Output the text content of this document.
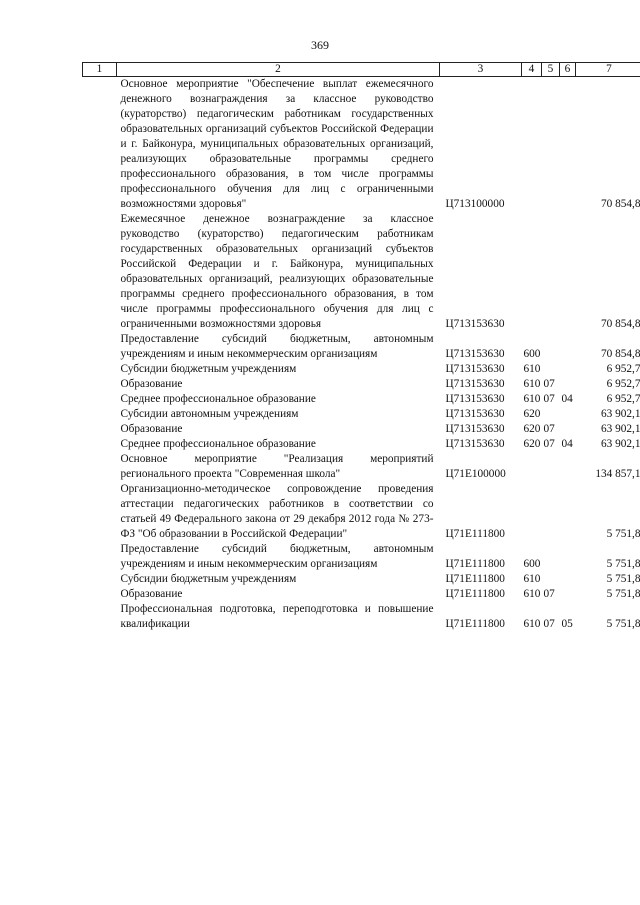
369
1	2	3	4	5	6	7
	Основное мероприятие "Обеспечение выплат ежемесячного денежного вознаграждения за классное руководство (кураторство) педагогическим работникам государственных образовательных организаций субъектов Российской Федерации и г. Байконура, муниципальных образовательных организаций, реализующих образовательные программы среднего профессионального образования, в том числе программы профессионального обучения для лиц с ограниченными возможностями здоровья"	Ц713100000				70 854,8
	Ежемесячное денежное вознаграждение за классное руководство (кураторство) педагогическим работникам государственных образовательных организаций субъектов Российской Федерации и г. Байконура, муниципальных образовательных организаций, реализующих образовательные программы среднего профессионального образования, в том числе программы профессионального обучения для лиц с ограниченными возможностями здоровья	Ц713153630				70 854,8
	Предоставление субсидий бюджетным, автономным учреждениям и иным некоммерческим организациям	Ц713153630	600			70 854,8
	Субсидии бюджетным учреждениям	Ц713153630	610			6 952,7
	Образование	Ц713153630	610	07		6 952,7
	Среднее профессиональное образование	Ц713153630	610	07	04	6 952,7
	Субсидии автономным учреждениям	Ц713153630	620			63 902,1
	Образование	Ц713153630	620	07		63 902,1
	Среднее профессиональное образование	Ц713153630	620	07	04	63 902,1
	Основное мероприятие "Реализация мероприятий регионального проекта "Современная школа"	Ц71Е100000				134 857,1
	Организационно-методическое сопровождение проведения аттестации педагогических работников в соответствии со статьей 49 Федерального закона от 29 декабря 2012 года № 273-ФЗ "Об образовании в Российской Федерации"	Ц71Е111800				5 751,8
	Предоставление субсидий бюджетным, автономным учреждениям и иным некоммерческим организациям	Ц71Е111800	600			5 751,8
	Субсидии бюджетным учреждениям	Ц71Е111800	610			5 751,8
	Образование	Ц71Е111800	610	07		5 751,8
	Профессиональная подготовка, переподготовка и повышение квалификации	Ц71Е111800	610	07	05	5 751,8
